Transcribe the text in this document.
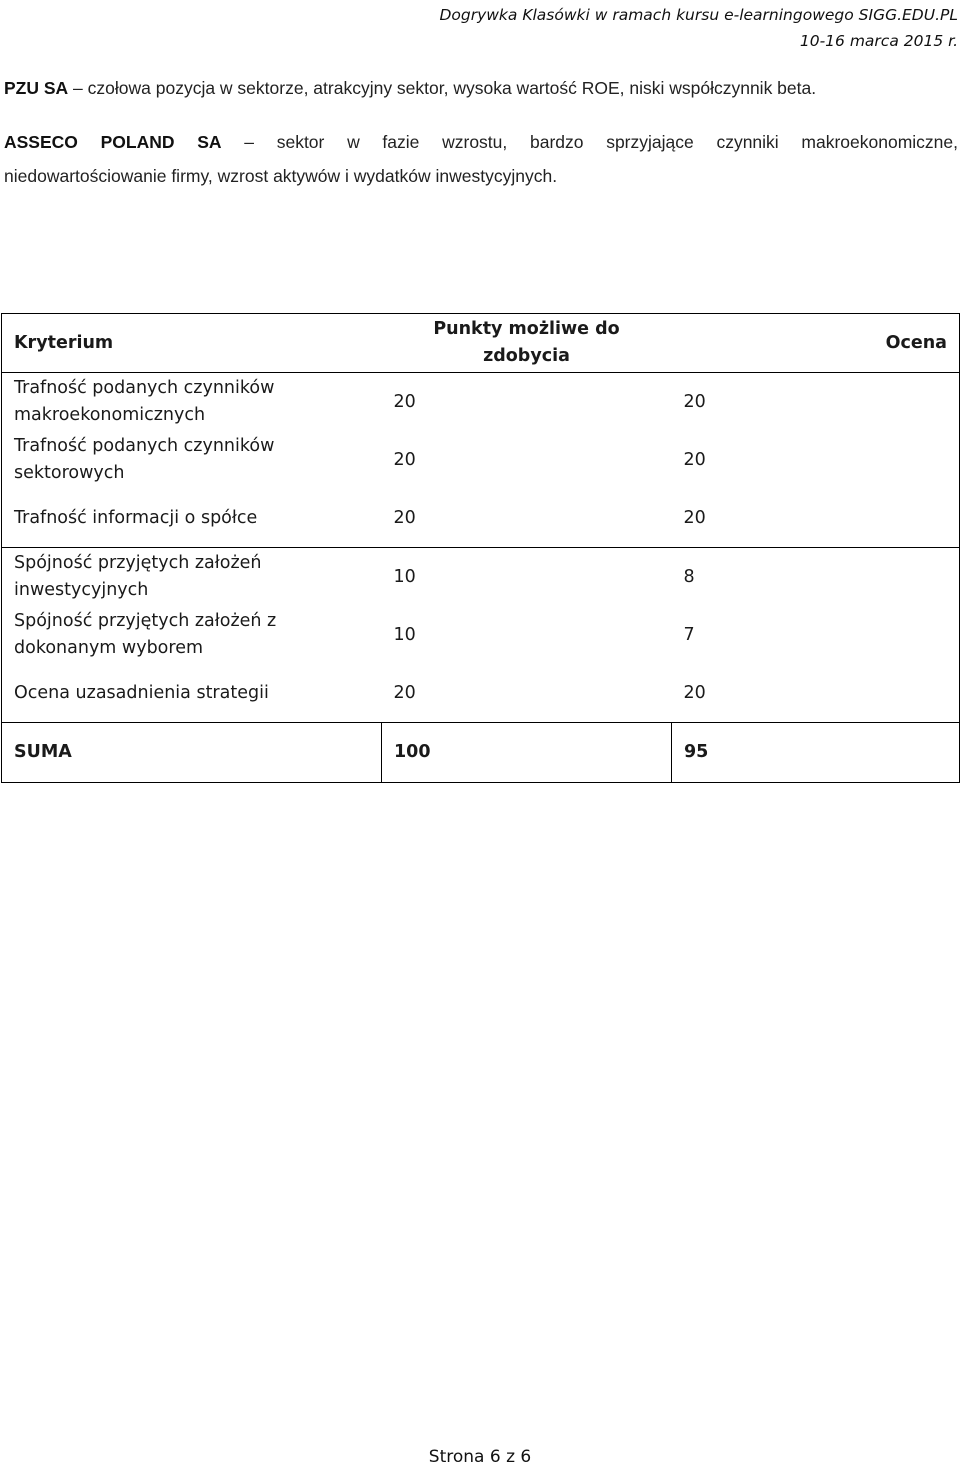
Dogrywka Klasówki w ramach kursu e-learningowego SIGG.EDU.PL
10-16 marca 2015 r.
PZU SA – czołowa pozycja w sektorze, atrakcyjny sektor, wysoka wartość ROE, niski współczynnik beta.
ASSECO POLAND SA – sektor w fazie wzrostu, bardzo sprzyjające czynniki makroekonomiczne,
niedowartościowanie firmy, wzrost aktywów i wydatków inwestycyjnych.
Kryterium	Punkty możliwe do zdobycia	Ocena
Trafność podanych czynników makroekonomicznych	20	20
Trafność podanych czynników sektorowych	20	20
Trafność informacji o spółce	20	20
Spójność przyjętych założeń inwestycyjnych	10	8
Spójność przyjętych założeń z dokonanym wyborem	10	7
Ocena uzasadnienia strategii	20	20
SUMA	100	95
Strona 6 z 6
